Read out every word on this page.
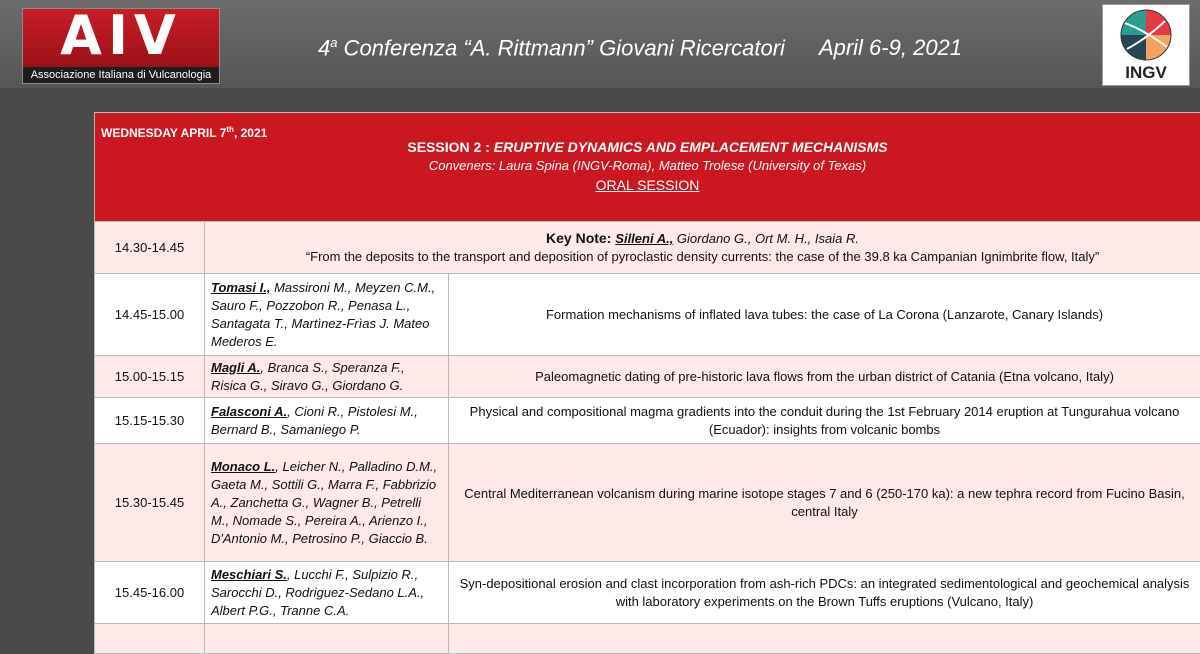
AIV
Associazione Italiana di Vulcanologia
4$^a$ Conferenza “A. Rittmann” Giovani Ricercatori April 6-9, 2021
INGV
WEDNESDAY APRIL 7th, 2021
SESSION 2 : ERUPTIVE DYNAMICS AND EMPLACEMENT MECHANISMS
Conveners: Laura Spina (INGV-Roma), Matteo Trolese (University of Texas)
ORAL SESSION		

14.30-14.45	Key Note: Silleni A., Giordano G., Ort M. H., Isaia R.
“From the deposits to the transport and deposition of pyroclastic density currents: the case of the 39.8 ka Campanian Ignimbrite flow, Italy”	

14.45-15.00	Tomasi I., Massironi M., Meyzen C.M., Sauro F., Pozzobon R., Penasa L., Santagata T., Martìnez-Frìas J. Mateo Mederos E.	Formation mechanisms of inflated lava tubes: the case of La Corona (Lanzarote, Canary Islands)
15.00-15.15	Magli A., Branca S., Speranza F., Risica G., Siravo G., Giordano G.	Paleomagnetic dating of pre-historic lava flows from the urban district of Catania (Etna volcano, Italy)
15.15-15.30	Falasconi A., Cioni R., Pistolesi M., Bernard B., Samaniego P.	Physical and compositional magma gradients into the conduit during the 1st February 2014 eruption at Tungurahua volcano (Ecuador): insights from volcanic bombs
15.30-15.45	Monaco L., Leicher N., Palladino D.M., Gaeta M., Sottili G., Marra F., Fabbrizio A., Zanchetta G., Wagner B., Petrelli M., Nomade S., Pereira A., Arienzo I., D'Antonio M., Petrosino P., Giaccio B.	Central Mediterranean volcanism during marine isotope stages 7 and 6 (250-170 ka): a new tephra record from Fucino Basin, central Italy
15.45-16.00	Meschiari S., Lucchi F., Sulpizio R., Sarocchi D., Rodriguez-Sedano L.A., Albert P.G., Tranne C.A.	Syn-depositional erosion and clast incorporation from ash-rich PDCs: an integrated sedimentological and geochemical analysis with laboratory experiments on the Brown Tuffs eruptions (Vulcano, Italy)
